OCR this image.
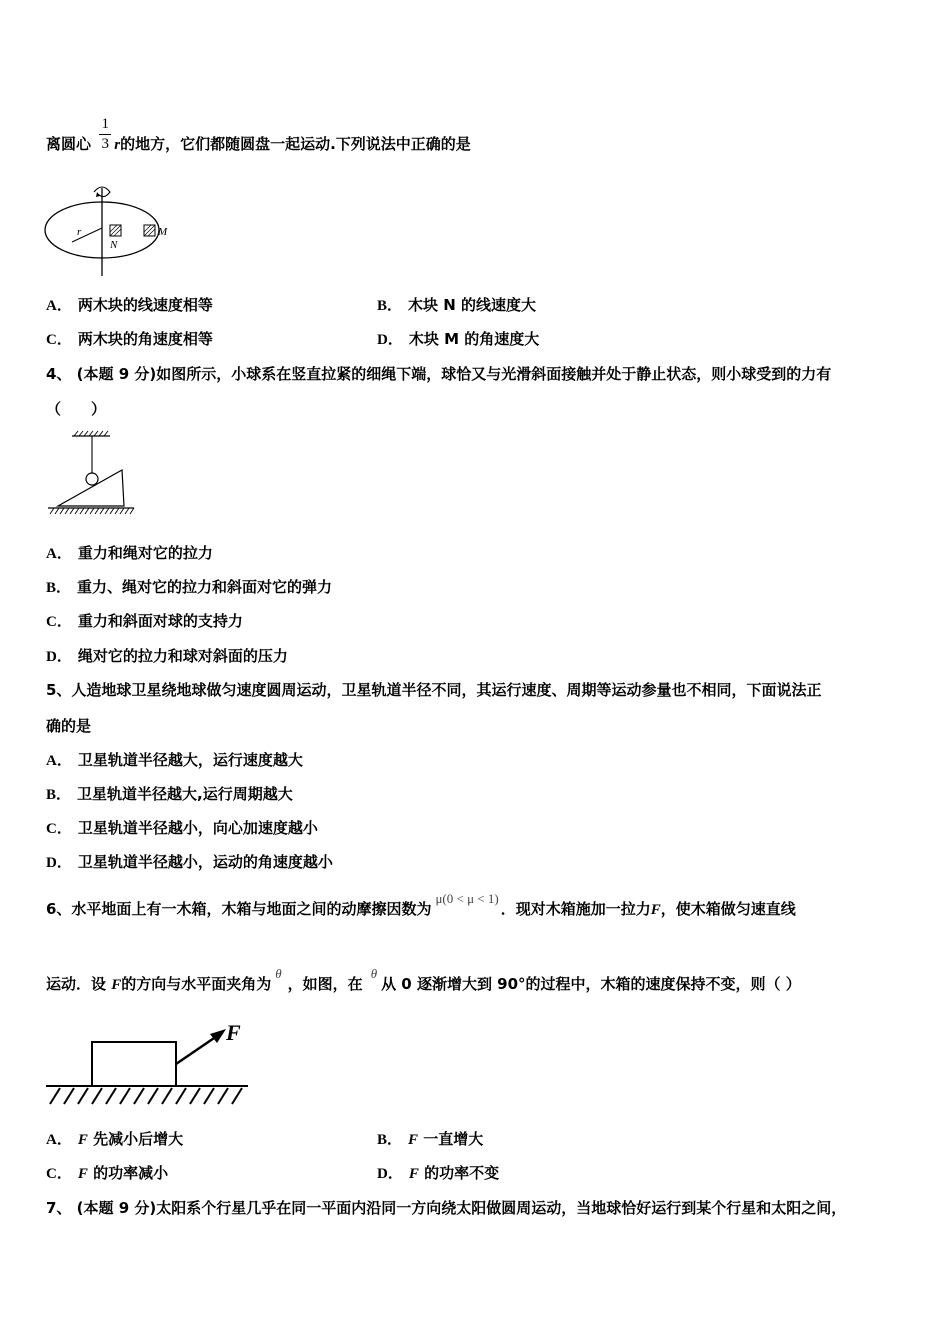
离圆心 $\frac{1}{3}$ r的地方，它们都随圆盘一起运动.下列说法中正确的是
r
N
M
A． 两木块的线速度相等	B． 木块 N 的线速度大
C． 两木块的角速度相等	D． 木块 M 的角速度大
4、 (本题 9 分)如图所示，小球系在竖直拉紧的细绳下端，球恰又与光滑斜面接触并处于静止状态，则小球受到的力有
（　　）
A． 重力和绳对它的拉力
B． 重力、绳对它的拉力和斜面对它的弹力
C． 重力和斜面对球的支持力
D． 绳对它的拉力和球对斜面的压力
5、人造地球卫星绕地球做匀速度圆周运动，卫星轨道半径不同，其运行速度、周期等运动参量也不相同，下面说法正
确的是
A． 卫星轨道半径越大，运行速度越大
B． 卫星轨道半径越大,运行周期越大
C． 卫星轨道半径越小，向心加速度越小
D． 卫星轨道半径越小，运动的角速度越小
6、水平地面上有一木箱，木箱与地面之间的动摩擦因数为μ(0 < μ < 1)．现对木箱施加一拉力F，使木箱做匀速直线
运动．设 F的方向与水平面夹角为θ，如图，在θ从 0 逐渐增大到 90°的过程中，木箱的速度保持不变，则（ ）
F
A． F 先减小后增大	B． F 一直增大
C． F 的功率减小	D． F 的功率不变
7、 (本题 9 分)太阳系个行星几乎在同一平面内沿同一方向绕太阳做圆周运动，当地球恰好运行到某个行星和太阳之间，
